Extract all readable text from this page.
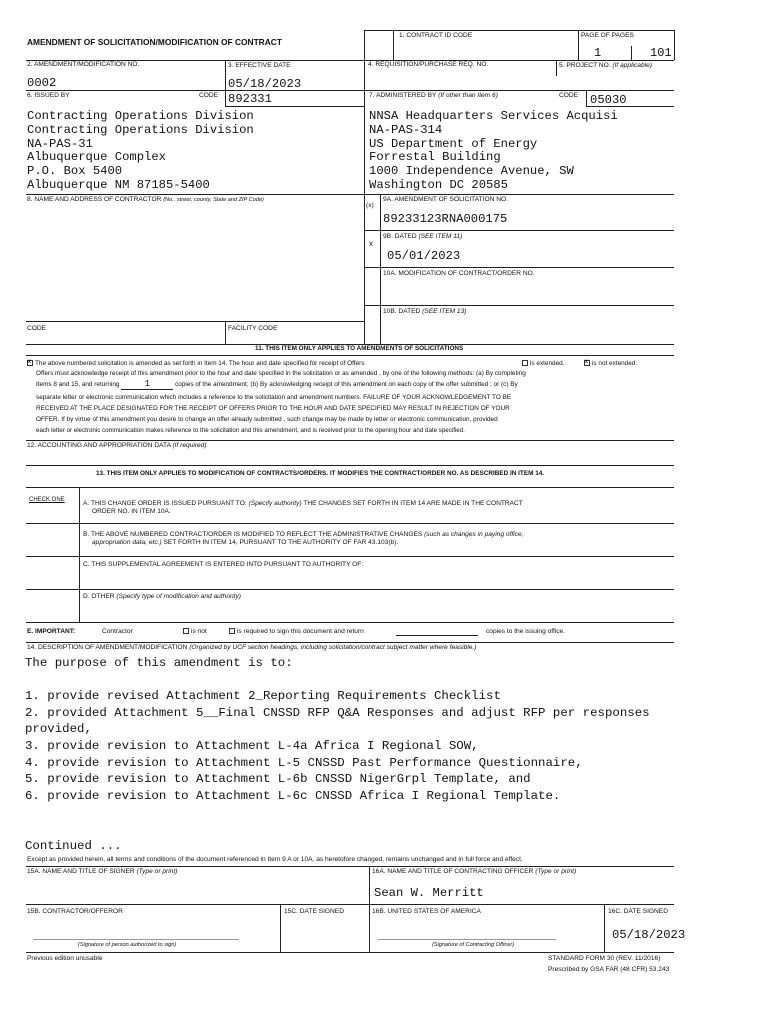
AMENDMENT OF SOLICITATION/MODIFICATION OF CONTRACT
1. CONTRACT ID CODE	PAGE OF PAGES
1	101
2. AMENDMENT/MODIFICATION NO.	3. EFFECTIVE DATE	4. REQUISITION/PURCHASE REQ. NO.	5. PROJECT NO. (If applicable)
0002	05/18/2023
6. ISSUED BY	CODE 892331	7. ADMINISTERED BY (If other than Item 6)	CODE 05030
Contracting Operations Division
Contracting Operations Division
NA-PAS-31
Albuquerque Complex
P.O. Box 5400
Albuquerque NM 87185-5400
NNSA Headquarters Services Acquisi
NA-PAS-314
US Department of Energy
Forrestal Building
1000 Independence Avenue, SW
Washington DC 20585
8. NAME AND ADDRESS OF CONTRACTOR (No., street, county, State and ZIP Code)
(x)
9A. AMENDMENT OF SOLICITATION NO.
89233123RNA000175
x
9B. DATED (SEE ITEM 11)
05/01/2023
10A. MODIFICATION OF CONTRACT/ORDER NO.
10B. DATED (SEE ITEM 13)
CODE	FACILITY CODE
11. THIS ITEM ONLY APPLIES TO AMENDMENTS OF SOLICITATIONS
×The above numbered solicitation is amended as set forth in Item 14. The hour and date specified for receipt of Offers	is extended.
×	is not extended.
Offers must acknowledge receipt of this amendment prior to the hour and date specified in the solicitation or as amended , by one of the following methods: (a) By completing
Items 8 and 15, and returning	1	copies of the amendment; (b) By acknowledging receipt of this amendment on each copy of the offer submitted ; or (c) By
separate letter or electronic communication which includes a reference to the solicitation and amendment numbers. FAILURE OF YOUR ACKNOWLEDGEMENT TO BE
RECEIVED AT THE PLACE DESIGNATED FOR THE RECEIPT OF OFFERS PRIOR TO THE HOUR AND DATE SPECIFIED MAY RESULT IN REJECTION OF YOUR
OFFER. If by virtue of this amendment you desire to change an offer already submitted , such change may be made by letter or electronic communication, provided
each letter or electronic communication makes reference to the solicitation and this amendment, and is received prior to the opening hour and date specified.
12. ACCOUNTING AND APPROPRIATION DATA (If required)
13. THIS ITEM ONLY APPLIES TO MODIFICATION OF CONTRACTS/ORDERS. IT MODIFIES THE CONTRACT/ORDER NO. AS DESCRIBED IN ITEM 14.
CHECK ONE	A. THIS CHANGE ORDER IS ISSUED PURSUANT TO: (Specify authority) THE CHANGES SET FORTH IN ITEM 14 ARE MADE IN THE CONTRACT
ORDER NO. IN ITEM 10A.
B. THE ABOVE NUMBERED CONTRACT/ORDER IS MODIFIED TO REFLECT THE ADMINISTRATIVE CHANGES (such as changes in paying office,
appropriation data, etc.) SET FORTH IN ITEM 14, PURSUANT TO THE AUTHORITY OF FAR 43.103(b).
C. THIS SUPPLEMENTAL AGREEMENT IS ENTERED INTO PURSUANT TO AUTHORITY OF:
D. OTHER (Specify type of modification and authority)
E. IMPORTANT:	Contractor	is not	is required to sign this document and return	copies to the issuing office.
14. DESCRIPTION OF AMENDMENT/MODIFICATION (Organized by UCF section headings, including solicitation/contract subject matter where feasible.)
The purpose of this amendment is to:
1. provide revised Attachment 2_Reporting Requirements Checklist
2. provided Attachment 5__Final CNSSD RFP Q&A Responses and adjust RFP per responses
provided,
3. provide revision to Attachment L-4a Africa I Regional SOW,
4. provide revision to Attachment L-5 CNSSD Past Performance Questionnaire,
5. provide revision to Attachment L-6b CNSSD NigerGrpl Template, and
6. provide revision to Attachment L-6c CNSSD Africa I Regional Template.
Continued ...
Except as provided herein, all terms and conditions of the document referenced in Item 9 A or 10A, as heretofore changed, remains unchanged and in full force and effect.
15A. NAME AND TITLE OF SIGNER (Type or print)	16A. NAME AND TITLE OF CONTRACTING OFFICER (Type or print)
Sean W. Merritt
15B. CONTRACTOR/OFFEROR	15C. DATE SIGNED	16B. UNITED STATES OF AMERICA	16C. DATE SIGNED
05/18/2023
(Signature of person authorized to sign)	(Signature of Contracting Officer)
Previous edition unusable	STANDARD FORM 30 (REV. 11/2016)
Prescribed by GSA FAR (48 CFR) 53.243
